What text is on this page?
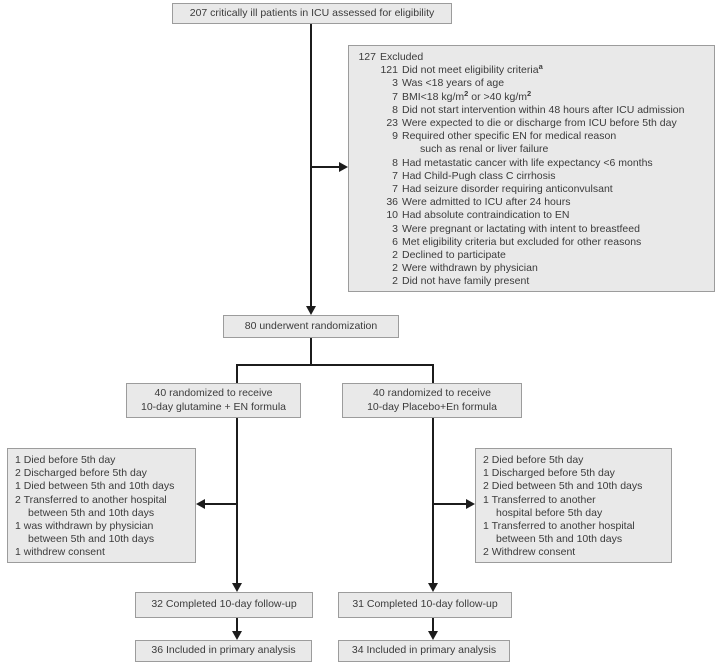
207 critically ill patients in ICU assessed for eligibility
127 Excluded
121 Did not meet eligibility criteria$^a$
3 Was <18 years of age
7 BMI<18 $kg/m^2$ or >40 $kg/m^2$
8 Did not start intervention within 48 hours after ICU admission
23 Were expected to die or discharge from ICU before 5th day
9 Required other specific EN for medical reason
such as renal or liver failure
8 Had metastatic cancer with life expectancy <6 months
7 Had Child-Pugh class C cirrhosis
7 Had seizure disorder requiring anticonvulsant
36 Were admitted to ICU after 24 hours
10 Had absolute contraindication to EN
3 Were pregnant or lactating with intent to breastfeed
6 Met eligibility criteria but excluded for other reasons
2 Declined to participate
2 Were withdrawn by physician
2 Did not have family present
80 underwent randomization
40 randomized to receive
10-day glutamine + EN formula
40 randomized to receive
10-day Placebo+En formula
1 Died before 5th day
2 Discharged before 5th day
1 Died between 5th and 10th days
2 Transferred to another hospital
between 5th and 10th days
1 was withdrawn by physician
between 5th and 10th days
1 withdrew consent
2 Died before 5th day
1 Discharged before 5th day
2 Died between 5th and 10th days
1 Transferred to another
hospital before 5th day
1 Transferred to another hospital
between 5th and 10th days
2 Withdrew consent
32 Completed 10-day follow-up	31 Completed 10-day follow-up
36 Included in primary analysis	34 Included in primary analysis
